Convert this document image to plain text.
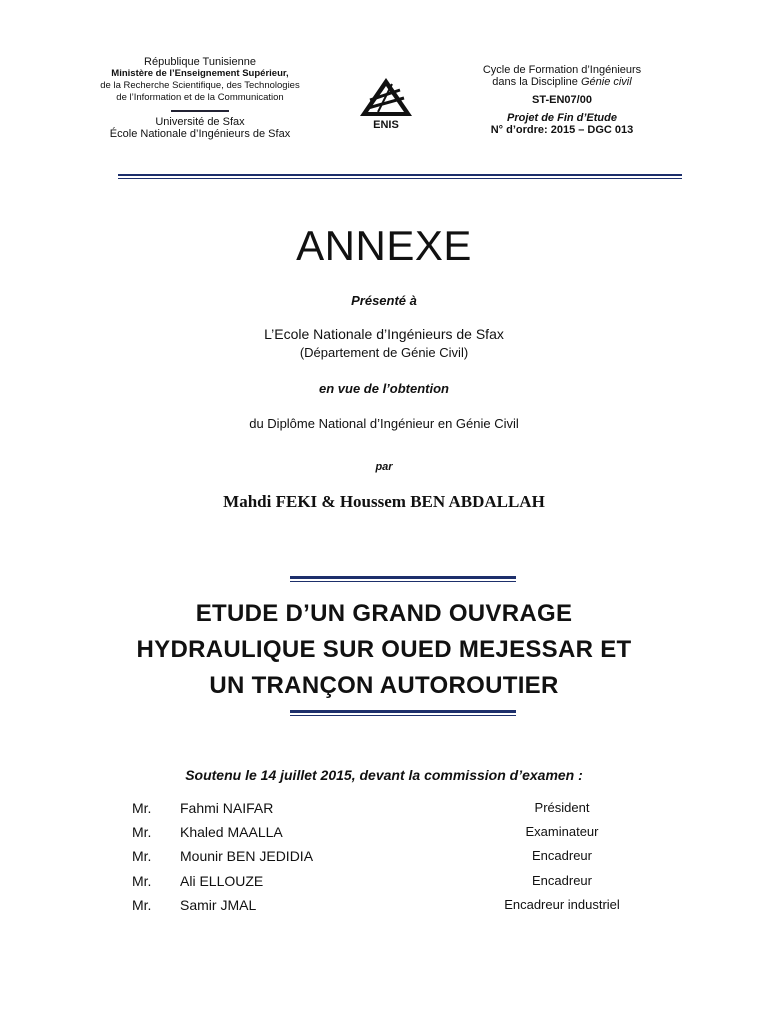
République Tunisienne
Ministère de l’Enseignement Supérieur,
de la Recherche Scientifique, des Technologies
de l’Information et de la Communication
Université de Sfax
École Nationale d’Ingénieurs de Sfax
ENIS
Cycle de Formation d’Ingénieurs
dans la Discipline Génie civil
ST-EN07/00
Projet de Fin d’Etude
N° d’ordre: 2015 – DGC 013
ANNEXE
Présenté à
L’Ecole Nationale d’Ingénieurs de Sfax
(Département de Génie Civil)
en vue de l’obtention
du Diplôme National d’Ingénieur en Génie Civil
par
Mahdi FEKI & Houssem BEN ABDALLAH
ETUDE D’UN GRAND OUVRAGE
HYDRAULIQUE SUR OUED MEJESSAR ET
UN TRANÇON AUTOROUTIER
Soutenu le 14 juillet 2015, devant la commission d’examen :
Mr. Fahmi NAIFAR	Président
Mr. Khaled MAALLA	Examinateur
Mr. Mounir BEN JEDIDIA	Encadreur
Mr. Ali ELLOUZE	Encadreur
Mr. Samir JMAL	Encadreur industriel
